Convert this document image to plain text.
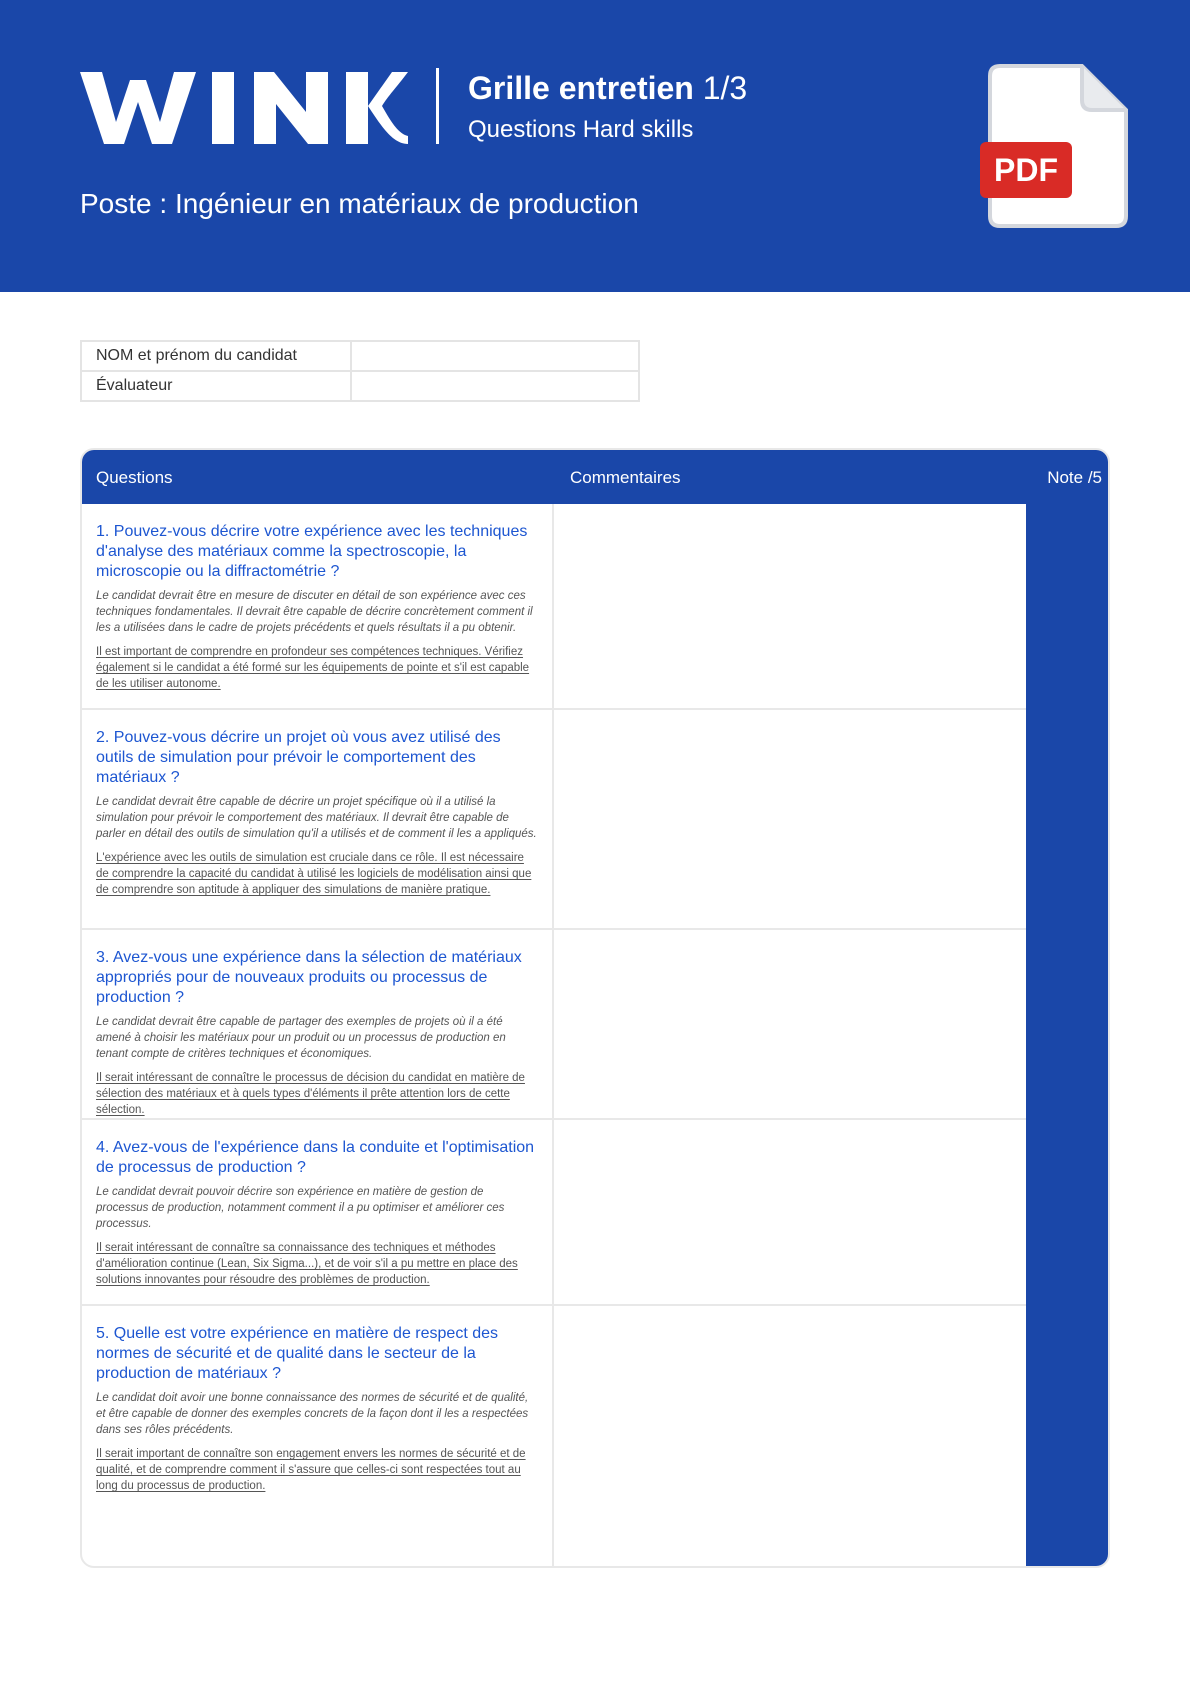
Grille entretien 1/3
Questions Hard skills
Poste : Ingénieur en matériaux de production
PDF
NOM et prénom du candidat	
Évaluateur	
Questions	Commentaires	Note /5
1. Pouvez-vous décrire votre expérience avec les techniques d'analyse des matériaux comme la spectroscopie, la microscopie ou la diffractométrie ?
Le candidat devrait être en mesure de discuter en détail de son expérience avec ces techniques fondamentales. Il devrait être capable de décrire concrètement comment il les a utilisées dans le cadre de projets précédents et quels résultats il a pu obtenir.
Il est important de comprendre en profondeur ses compétences techniques. Vérifiez également si le candidat a été formé sur les équipements de pointe et s'il est capable de les utiliser autonome.
2. Pouvez-vous décrire un projet où vous avez utilisé des outils de simulation pour prévoir le comportement des matériaux ?
Le candidat devrait être capable de décrire un projet spécifique où il a utilisé la simulation pour prévoir le comportement des matériaux. Il devrait être capable de parler en détail des outils de simulation qu'il a utilisés et de comment il les a appliqués.
L'expérience avec les outils de simulation est cruciale dans ce rôle. Il est nécessaire de comprendre la capacité du candidat à utilisé les logiciels de modélisation ainsi que de comprendre son aptitude à appliquer des simulations de manière pratique.
3. Avez-vous une expérience dans la sélection de matériaux appropriés pour de nouveaux produits ou processus de production ?
Le candidat devrait être capable de partager des exemples de projets où il a été amené à choisir les matériaux pour un produit ou un processus de production en tenant compte de critères techniques et économiques.
Il serait intéressant de connaître le processus de décision du candidat en matière de sélection des matériaux et à quels types d'éléments il prête attention lors de cette sélection.
4. Avez-vous de l'expérience dans la conduite et l'optimisation de processus de production ?
Le candidat devrait pouvoir décrire son expérience en matière de gestion de processus de production, notamment comment il a pu optimiser et améliorer ces processus.
Il serait intéressant de connaître sa connaissance des techniques et méthodes d'amélioration continue (Lean, Six Sigma...), et de voir s'il a pu mettre en place des solutions innovantes pour résoudre des problèmes de production.
5. Quelle est votre expérience en matière de respect des normes de sécurité et de qualité dans le secteur de la production de matériaux ?
Le candidat doit avoir une bonne connaissance des normes de sécurité et de qualité, et être capable de donner des exemples concrets de la façon dont il les a respectées dans ses rôles précédents.
Il serait important de connaître son engagement envers les normes de sécurité et de qualité, et de comprendre comment il s'assure que celles-ci sont respectées tout au long du processus de production.
